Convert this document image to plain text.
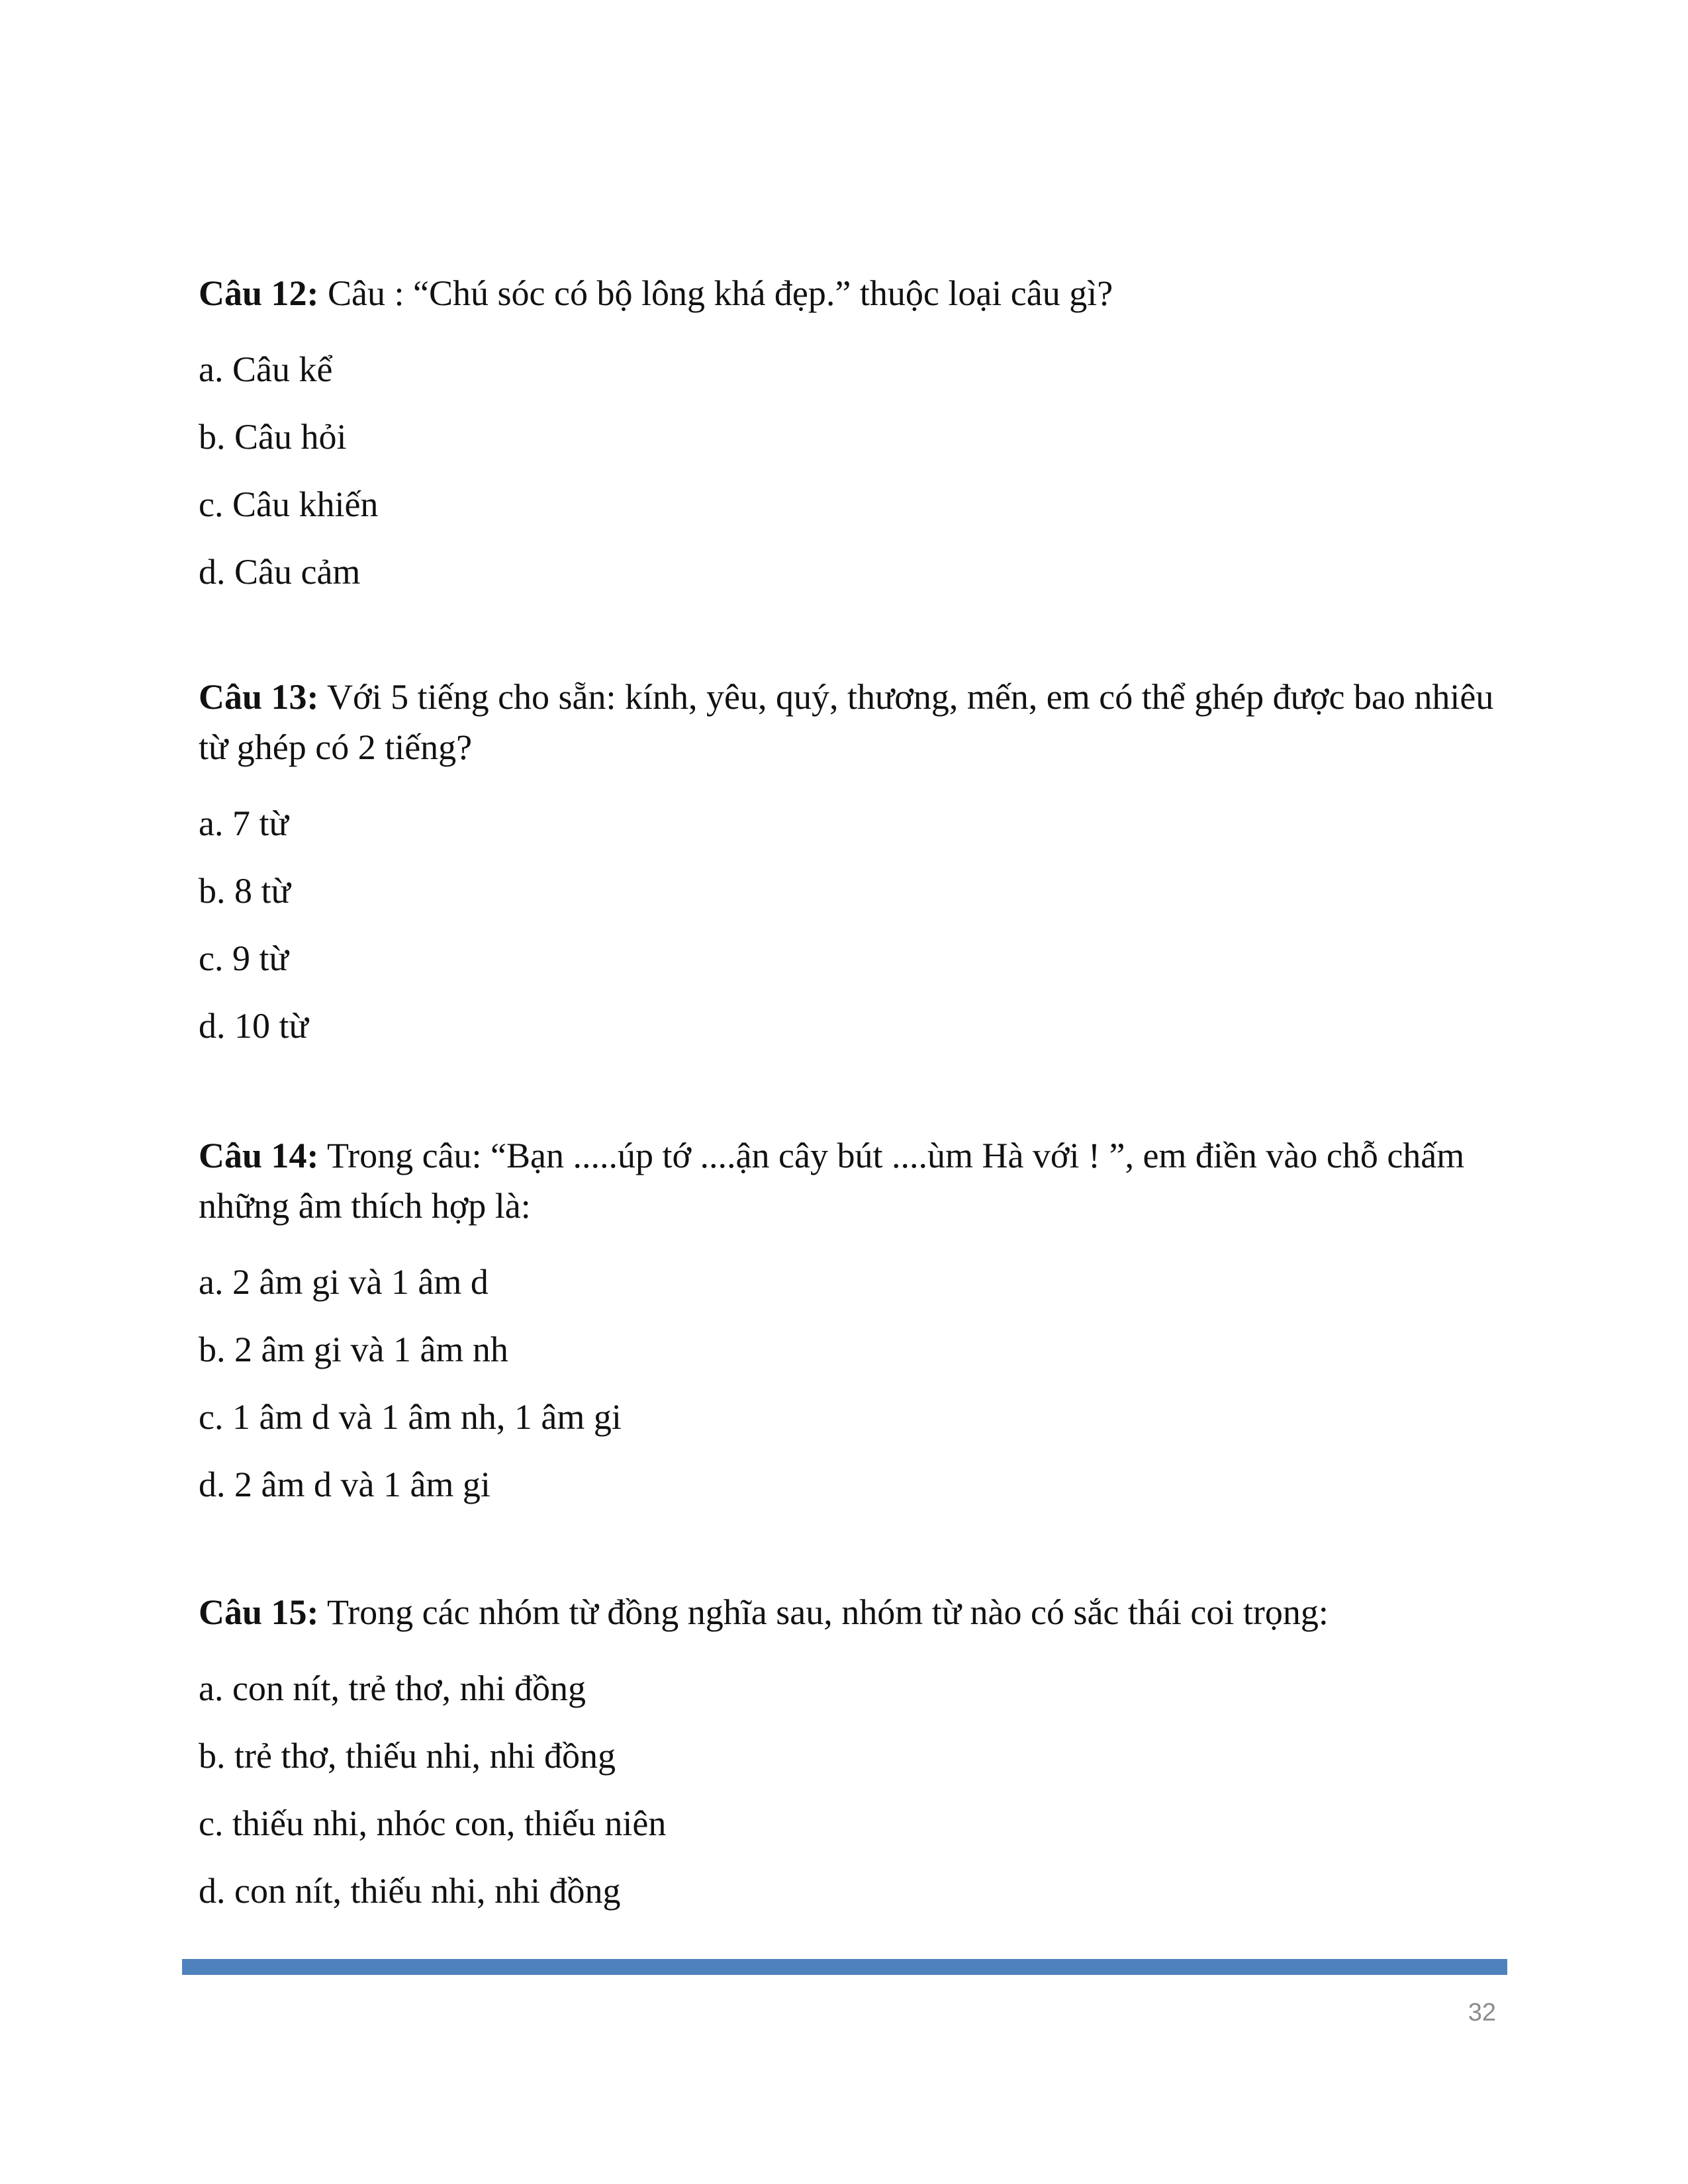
Câu 12: Câu : “Chú sóc có bộ lông khá đẹp.” thuộc loại câu gì?

a. Câu kể

b. Câu hỏi

c. Câu khiến

d. Câu cảm

Câu 13: Với 5 tiếng cho sẵn: kính, yêu, quý, thương, mến, em có thể ghép được bao nhiêu từ ghép có 2 tiếng?

a. 7 từ

b. 8 từ

c. 9 từ

d. 10 từ

Câu 14: Trong câu: “Bạn .....úp tớ ....ận cây bút ....ùm Hà với ! ”, em điền vào chỗ chấm những âm thích hợp là:

a. 2 âm gi và 1 âm d

b. 2 âm gi và 1 âm nh

c. 1 âm d và 1 âm nh, 1 âm gi

d. 2 âm d và 1 âm gi

Câu 15: Trong các nhóm từ đồng nghĩa sau, nhóm từ nào có sắc thái coi trọng:

a. con nít, trẻ thơ, nhi đồng

b. trẻ thơ, thiếu nhi, nhi đồng

c. thiếu nhi, nhóc con, thiếu niên

d. con nít, thiếu nhi, nhi đồng

32
